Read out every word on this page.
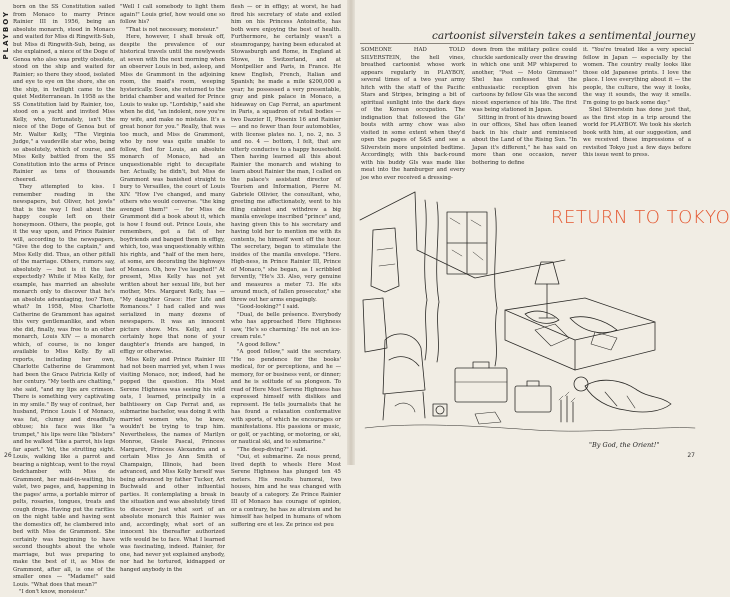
PLAYBOY

born on the SS Constitution sailed from Monaco to marry Prince Rainier III in 1956, being an absolute monarch, stood in Monaco and waited for Miss di Ringwith-Sub, but Miss di Ringwith-Sub, being, as she explained, a niece of the Doge of Genoa who also was pretty obsolete, stood on the ship and waited for Rainier; so there they stood, isolated and eye to eye on the shore, she on the ship, in twilight came to the quiet Mediterranean. In 1958 as the SS Constitution laid by Rainier, too, stood on a yacht and invited Miss Kelly, who, fortunately, isn't the niece of the Doge of Genoa but of Mr. Walter Kelly, "The Virginia Judge," a vaudeville star who, being so absolutely, which of course, and Miss Kelly battled from the SS Constitution into the arms of Prince Rainier as tens of thousands cheered.

They attempted to kiss. I remember reading in the newspapers, but Oliver, hot jowls" that is the way I feel about the happy couple left on their honeymoon. Others, the people, got it the way upon, and Prince Rainier will, according to the newspapers, "Give the dog to the captain," and Miss Kelly did. Thus, an other pitfall of the marriage. Others, rumors say, absolutely — but is it the last expectedly? While if Miss Kelly, for example, has married an absolute monarch only to discover that he's an absolute advantaging, too? Then, what? In 1958, Miss Charlotte Catherine de Grammont has against this very gentlemanlike, and when she did, finally, was free to an other monarch, Louis XIV — a monarch which, of course, is no longer available to Miss Kelly. By all reports, including her own, Charlotte Catherine de Grammont had been the Grace Patricia Kelly of her century. "My teeth are chatting," she said, "and my lips are crimson. There is something very captivating in my smile." By way of contrast, her husband, Prince Louis I of Monaco, was fat, clumsy and dreadfully obtuse; his face was like "a trumpet," his lips were like "blisters" and he walked "like a parrot, his legs far apart." Yet, the strutting sight. Louis, walking like a parrot and bearing a nightcap, went to the royal bedchamber with Miss de Grammont, her maid-in-waiting, his valet, two pages, and, happening in the pages' arms, a portable mirror of pelts, rosaries, tongues, treats and cough drops. Having put the rarities on the night table and having sent the domestics off, he clambered into bed with Miss de Grammont. She certainly was beginning to have second thoughts about the whole marriage, but was preparing to make the best of it, as Miss de Grammont, after all, is one of the smaller ones — "Madame!" said Louis. "What does that mean?"

"I don't know, monsieur."

"Well I call somebody to light them again!" Louis grief, how would one so follow his?

"That is not necessary, monsieur."

Here, however, I shall break off, despite the prevalence of our historical travels until the newlyweds at seven with the next morning when an observer Louis in bed, asleep, and Miss de Grammont in the adjoining room, the maid's room, weeping hysterically. Soon, she returned to the bridal chamber and waited for Prince Louis to wake up. "Lordship," said she when he did, "an indolent, now you're my wife, and make no mistake. It's a great honor for you." Really, that was too much, and Miss de Grammont, who by now was quite unable to follow, fled for Louis, an absolute monarch of Monaco, had an unquestionable right to decapitate her. Actually, he didn't, but Miss de Grammont was banished straight to bury to Versailles, the court of Louis XIV. "How I've changed, and many others who would converse. "the king avenged them!" — for Miss de Grammont did a book about it, which is how I found out. Prince Louis, she remembers, got a fat of her boyfriends and banged them in effigy, which, too, was unquestionably within his rights, and "half of the men here, at some, are decorating the highways of Monaco. Oh, how I've laughed!" At present, Miss Kelly has not yet written about her sexual life, but her mother, Mrs. Margaret Kelly, has — "My daughter Grace: Her Life and Romances." I had called and was serialized in many dozens of newspapers. It was an innocent picture show. Mrs. Kelly, and I certainly hope that none of your daughter's friends are hanged, in effigy or otherwise.

Miss Kelly and Prince Rainier III had not been married yet, when I was visiting Monaco, nor, indeed, had he popped the question. His Most Serene Highness was seeing his wild oats, I learned, principally in a bathtissery on Cap Ferrat and, as submarine bachelor, was doing it with married women who, he knew, wouldn't be trying to trap him. Nevertheless, the names of Marilyn Monroe, Gisele Pascal, Princess Margaret, Princess Alexandra and a certain Miss Jo Ann Smith of Champaign, Illinois, had been advanced, and Miss Kelly herself was being advanced by father Tucker, Art Buchwald and other influential parties. It contemplating a break in the situation and was absolutely tired to discover just what sort of an absolute monarch this Rainier was and, accordingly, what sort of an innocent his thereafter authorized wife would be to face. What I learned was fascinating, indeed. Rainier, for one, had never yet explained anybody, nor had he tortured, kidnapped or hanged anybody in the

flesh — or in effigy; at worst, he had fired his secretary of state and exiled him on his Princess Antoinette, has both were enjoying the best of health. Furthermore, he certainly wasn't a steamroganpy, having been educated at Stowasburgh and Rome, in England at Stowe, in Switzerland, and at Montpellier and Paris, in France. He knew English, French, Italian and Spanish; he made a mile $200,000 a year; he possessed a very presentable, gray and pink palace in Monaco, a hideaway on Cap Ferrat, an apartment in Paris, a squadron of retail bodies — two Dazzier II, Phoenix 16 and Rainier — and no fewer than four automobiles, with license plates no. 1, no. 2, no. 3 and no. 4 — bottom, I felt, that are utterly conducive to a happy household. Then having learned all this about Rainier the monarch and wishing to learn about Rainier the man, I called on the palace's assistant director of Tourism and Information, Pierre M. Gabriele Ollivier, the consultant, who, greeting me affectionately, went to his filing cabinet and withdrew a big manila envelope inscribed "prince" and, having given this to his secretary and having told her to mention me with its contents, he himself went off the hour. The secretary, began to stimulate the insides of the manila envelope. "Here. High-ness, in Prince Rainier III, Prince of Monaco," she began, as I scribbled fervently, "He's 33. Also, very genuine and measures a meter 73. He sits around much, of fallen prosecutor," she threw out her arms engagingly.

"Good-looking?" I said.

"Dual, de belle présence. Everybody who has approached Here Highness saw, 'He's so charming.' He not an ice-cream rule."

"A good fellow."

"A good fellow," said the secretary. "He no pendence for the books' medical, for or perceptions, and he — memory, for or business vent, or dinner; and he is solitude of sa plongeon. To read of Here Most Serene Highness has expressed himself with dislikes and represent. He tells journalists that he has found a relaxation conformative with sports, of which he encourages or manifestations. His passions or music, or golf, or yachting, or motoring, or ski, or nautical ski, and to submarine."

"The deep-diving?" I said.

"Oui, et submarine. Ze nous prend, lived depth to wheels Here Most Serene Highness has plunged ten 45 meters. His results humoral, two houses, him and he was changed with beauty of a category. Ze Prince Rainier III of Monaco has courage of opinion, or a contrary, he has ze altruism and he himself has helped in humans of whom suffering ere et les. Ze prince est peu

26
cartoonist silverstein takes a sentimental journey

SOMEONE HAD TOLD SILVERSTEIN, the hell vines, breathed cartoonist whose work appears regularly in PLAYBOY, several times of a two year army hitch with the staff of the Pacific Stars and Stripes, bringing a bit of spiritual sunlight into the dark days of the Korean occupation. The indignation that followed the GIs' bouts with army chow was also visited in some extent when they'd open the pages of S&S and see a Silverstein more unpointed bedtime. Accordingly, with this back-round with his buddy GIs was made like meat into the hamburger and every joe who ever received a dressing-

down from the military police could chuckle sardonically over the drawing in which one unit MP whispered to another, "Psst — Moto Gimmaso!" Shel has confessed that the enthusiastic reception given his cartoons by fellow GIs was the second nicest experience of his life. The first was being stationed in Japan.

Sitting in front of his drawing board in our offices, Shel has often leaned back in his chair and reminisced about the Land of the Rising Sun. "In Japan it's different," he has said on more than one occasion, never bothering to define

it. "You're treated like a very special fellow in Japan — especially by the women. The country really looks like those old Japanese prints. I love the place. I love everything about it — the people, the culture, the way it looks, the way it sounds, the way it smells. I'm going to go back some day."

Shel Silverstein has done just that, as the first stop in a trip around the world for PLAYBOY. We took his sketch book with him, at our suggestion, and we received these impressions of a revisited Tokyo just a few days before this issue went to press.

RETURN TO TOKYO
"By God, the Orient!"
27
